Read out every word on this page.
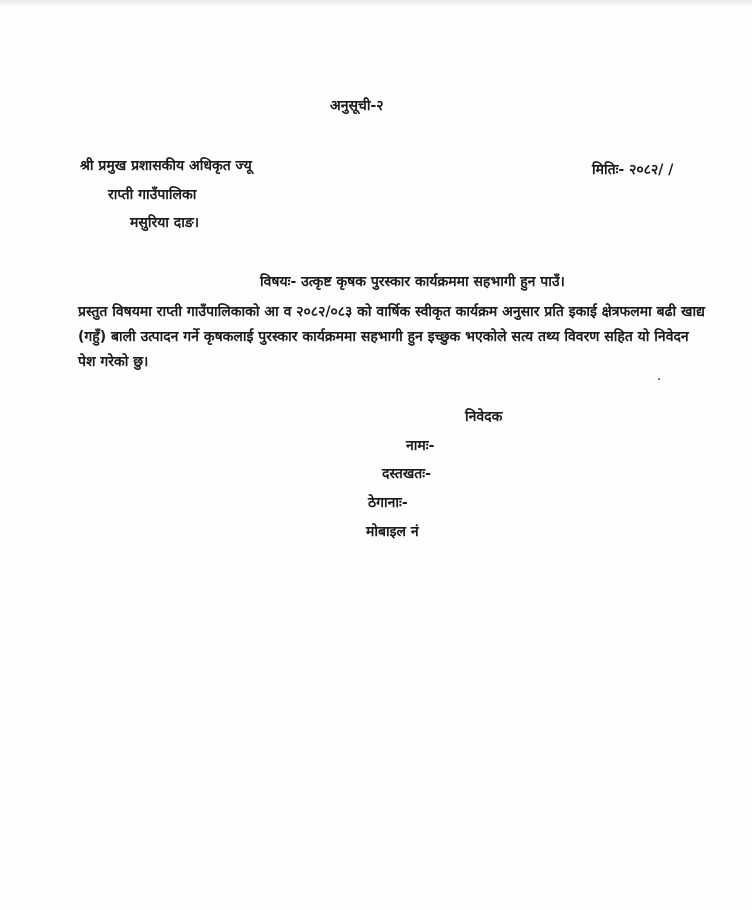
अनुसूची-२
श्री प्रमुख प्रशासकीय अधिकृत ज्यू	मितिः- २०८२/ /
राप्ती गाउँपालिका
मसुरिया दाङ।
विषयः- उत्कृष्ट कृषक पुरस्कार कार्यक्रममा सहभागी हुन पाउँ।
प्रस्तुत विषयमा राप्ती गाउँपालिकाको आ व २०८२/०८३ को वार्षिक स्वीकृत कार्यक्रम अनुसार प्रति इकाई क्षेत्रफलमा बढी खाद्य (गहुँ) बाली उत्पादन गर्ने कृषकलाई पुरस्कार कार्यक्रममा सहभागी हुन इच्छुक भएकोले सत्य तथ्य विवरण सहित यो निवेदन पेश गरेको छु।
निवेदक
नामः-
दस्तखतः-
ठेगानाः-
मोबाइल नं
